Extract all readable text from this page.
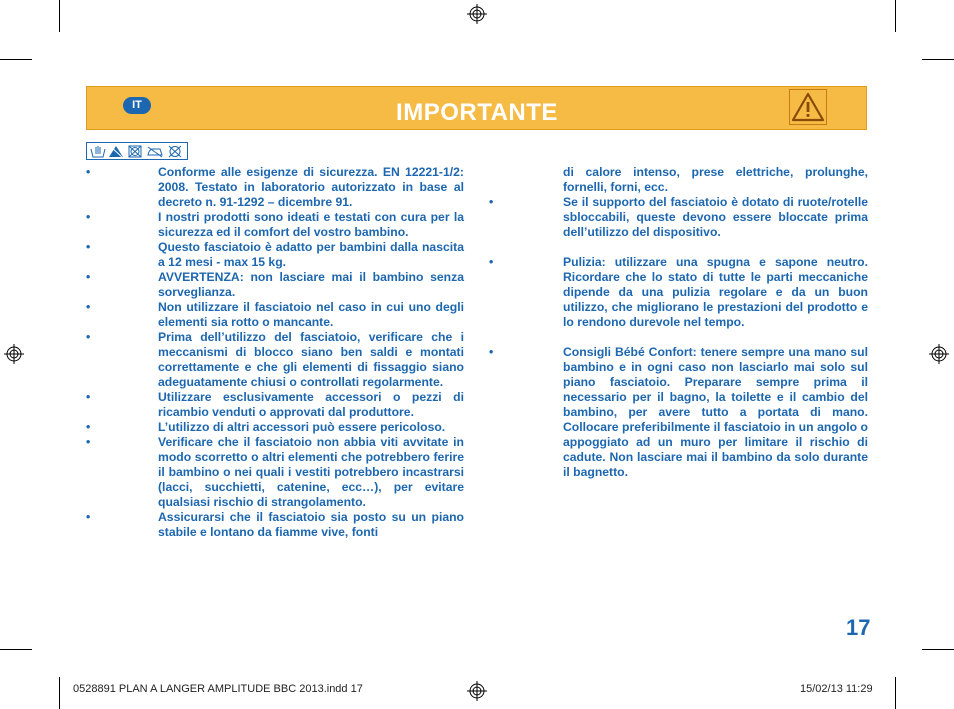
IT	IMPORTANTE
•	Conforme alle esigenze di sicurezza. EN 12221-1/2: 2008. Testato in laboratorio autorizzato in base al decreto n. 91-1292 – dicembre 91.
•	I nostri prodotti sono ideati e testati con cura per la sicurezza ed il comfort del vostro bambino.
•	Questo fasciatoio è adatto per bambini dalla nascita a 12 mesi - max 15 kg.
•	AVVERTENZA: non lasciare mai il bambino senza sorveglianza.
•	Non utilizzare il fasciatoio nel caso in cui uno degli elementi sia rotto o mancante.
•	Prima dell’utilizzo del fasciatoio, verificare che i meccanismi di blocco siano ben saldi e montati correttamente e che gli elementi di fissaggio siano adeguatamente chiusi o controllati regolarmente.
•	Utilizzare esclusivamente accessori o pezzi di ricambio venduti o approvati dal produttore.
•	L’utilizzo di altri accessori può essere pericoloso.
•	Verificare che il fasciatoio non abbia viti avvitate in modo scorretto o altri elementi che potrebbero ferire il bambino o nei quali i vestiti potrebbero incastrarsi (lacci, succhietti, catenine, ecc…), per evitare qualsiasi rischio di strangolamento.
•	Assicurarsi che il fasciatoio sia posto su un piano stabile e lontano da fiamme vive, fonti
di calore intenso, prese elettriche, prolunghe, fornelli, forni, ecc.
•	Se il supporto del fasciatoio è dotato di ruote/rotelle sbloccabili, queste devono essere bloccate prima dell’utilizzo del dispositivo.
•	Pulizia: utilizzare una spugna e sapone neutro. Ricordare che lo stato di tutte le parti meccaniche dipende da una pulizia regolare e da un buon utilizzo, che migliorano le prestazioni del prodotto e lo rendono durevole nel tempo.
•	Consigli Bébé Confort: tenere sempre una mano sul bambino e in ogni caso non lasciarlo mai solo sul piano fasciatoio. Preparare sempre prima il necessario per il bagno, la toilette e il cambio del bambino, per avere tutto a portata di mano. Collocare preferibilmente il fasciatoio in un angolo o appoggiato ad un muro per limitare il rischio di cadute. Non lasciare mai il bambino da solo durante il bagnetto.
17
0528891 PLAN A LANGER AMPLITUDE BBC 2013.indd 17	15/02/13 11:29
